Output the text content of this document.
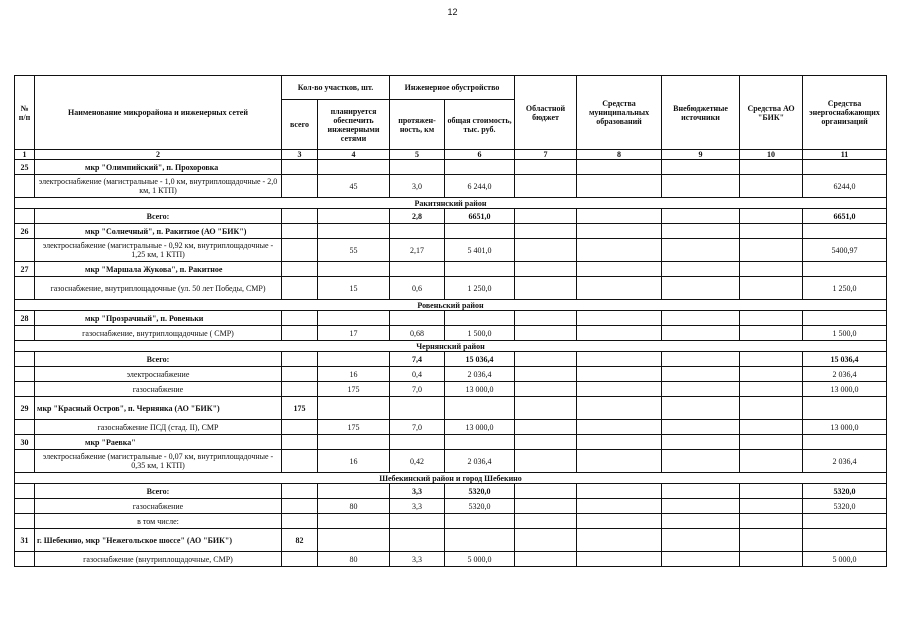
12
№ п/п	Наименование микрорайона и инженерных сетей	Кол-во участков, шт.		Инженерное обустройство		Областной бюджет	Средства муниципальных образований	Внебюджетные источники	Средства АО "БИК"	Средства энергоснабжающих организаций
		всего	планируется обеспечить инженерными сетями	протяжен-ность, км	общая стоимость, тыс. руб.					
1	2	3	4	5	6	7	8	9	10	11
25	мкр "Олимпийский", п. Прохоровка									
	электроснабжение (магистральные - 1,0 км, внутриплощадочные - 2,0 км, 1 КТП)		45	3,0	6 244,0					6244,0
Ракитянский район										
	Всего:			2,8	6651,0					6651,0
26	мкр "Солнечный", п. Ракитное (АО "БИК")									
	электроснабжение (магистральные - 0,92 км, внутриплощадочные - 1,25 км, 1 КТП)		55	2,17	5 401,0					5400,97
27	мкр "Маршала Жукова", п. Ракитное									
	газоснабжение, внутриплощадочные (ул. 50 лет Победы, СМР)		15	0,6	1 250,0					1 250,0
Ровеньский район										
28	мкр "Прозрачный", п. Ровеньки									
	газоснабжение, внутриплощадочные ( СМР)		17	0,68	1 500,0					1 500,0
Чернянский район										
	Всего:			7,4	15 036,4					15 036,4
	электроснабжение		16	0,4	2 036,4					2 036,4
	газоснабжение		175	7,0	13 000,0					13 000,0
29	мкр "Красный Остров", п. Чернянка (АО "БИК")	175								
	газоснабжение ПСД (стад. II), СМР		175	7,0	13 000,0					13 000,0
30	мкр "Раевка"									
	электроснабжение (магистральные - 0,07 км, внутриплощадочные - 0,35 км, 1 КТП)		16	0,42	2 036,4					2 036,4
Шебекинский район и город Шебекино										
	Всего:			3,3	5320,0					5320,0
	газоснабжение		80	3,3	5320,0					5320,0
	в том числе:									
31	г. Шебекино, мкр "Нежегольское шоссе" (АО "БИК")	82								
	газоснабжение (внутриплощадочные, СМР)		80	3,3	5 000,0					5 000,0
